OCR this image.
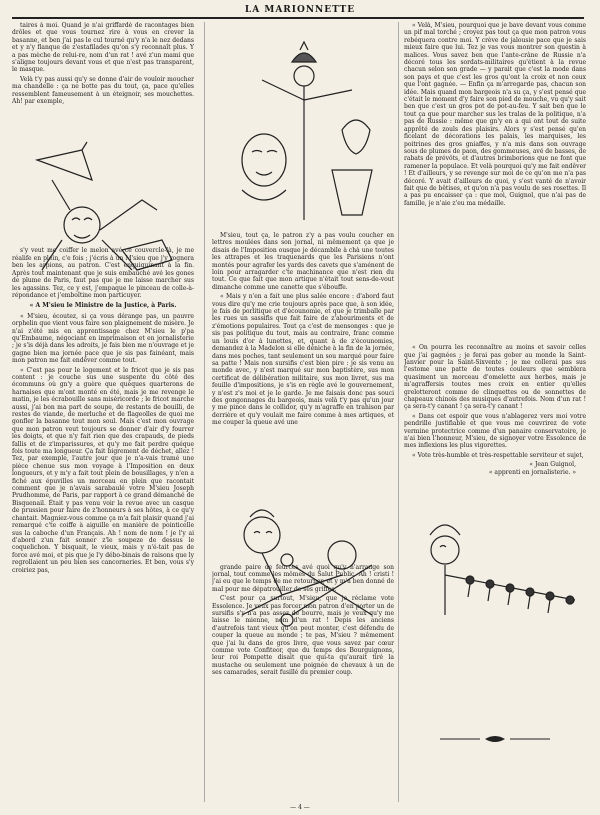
LA MARIONNETTE

taires à moi. Quand je n'ai griffardé de racontages bien drôles et que vous tournez rire à vous en crever la basanne, et ben j'ai pas le cul tourné qu'y n'a le nez dedans et y n'y flanque de z'estafilades qu'on s'y reconnaît plus. Y a pas mèche de relui-re, nom d'un rat ! avé z'un mami que s'aligne toujours devant vous et que n'est pas transparent, le masque.

Velà t'y pas aussi qu'y se donne d'air de vouloir moucher ma chandelle : ça ne botte pas du tout, ça, pace qu'elles ressemblent fameusement à un éteignoir, ses mouchettes. Ah! par exemple,

s'y veut me coiffer le melon avé ce couvercle-là, je me réalife en plein, c'e fois ; j'écris à un M'sieu que j'y rognera ben les arpions, au patron. C'est enquiquinant à la fin. Après tout maintenant que je suis embauché avé les gones de plume de Paris, faut pas que je me laisse marcher sus les agassins. Tez, ce y est, j'empaque le pinceau de colle-à-répondance et j'emboîtine mon particuyer.

« A M'sieu le Ministre de la Justice, à Paris.

« M'sieu, écoutez, si ça vous dérange pas, un pauvre orphelin que vient vous faire son plaignement de misère. Je n'ai z'été mis en apprentissage chez M'sieu le p'pa qu'Embaume, négociant en imprimaison et en jornalisterie ; je s'is déjà dans les adroits, je fais bien me n'ouvrage et je gagne bien ma jornée pace que je sis pas fainéant, mais mon patron me fait endêver comme tout.

« C'est pas pour le logement et le fricot que je sis pas content : je couche sus une suspente du côté des écommuns où gn'y a guère que quèques quarterons de harnaises que m'ont monté en été, mais je me revenge le matin, je les écrabouille sans miséricorde ; le fricot marche aussi, j'ai bon ma part de soupe, de restants de bouilli, de restes de viande, de merluche et de flageolles de quoi me gonfler la basanne tout mon soul. Mais c'est mon ouvrage que mon patron veut toujours se donner d'air d'y fourrer les doigts, et que n'y fait rien que des crapauds, de pieds fallis et de z'imparissures, et qu'y me fait perdre quéque fois toute ma longueur. Ça fait bigrement de déchet, allez ! Tez, par exemple, l'autre jour que je n'a-vais tramé une pièce chenue sus mon voyage à l'Imposition en deux longueurs, et y m'y a fait tout plein de bousillages, y n'en a fiché aux épuvilles un morceau en plein que racontait comment que je n'avais sarabaulé votre M'sieu Joseph Prudhomme, de Paris, par rapport à ce grand démanché de Bisquenail. Était y pas venu voir la revue avec un casque de prussien pour faire de z'honneurs à ses hôtes, à ce qu'y chantait. Magniez-vous comme ça m'a fait plaisir quand j'ai remarqué c'te coiffe à aiguille en manière de pointicelle sus la caboche d'un Français. Ah ! nom de nom ! je l'y ai d'abord z'un fait sonner z'le soupeze de dessus le coquelichon. Y bisquait, le vieux, mais y n'é-tait pas de force avé moi, et pis que je l'y débo-binais de raisons que ly regrollaient un peu bien ses cancorneries. Et ben, vous s'y croiriez pas,

M'sieu, tout ça, le patron z'y a pas voulu coucher en lettres moulées dans son jornal, ni mêmement ça que je disais de l'Imposition ousque je décambile à chà une toutes les attrapes et les traquenards que les Parisiens n'ont montés pour agrafer les yards des cavets que s'aménent de loin pour arragarder c'te machinance que n'est rien du tout. Ce que fait que mon artique n'était tout sens-de-vout dimanche comme une canette que s'ébouffe.

« Mais y n'en a fait une plus salée encore : d'abord faut vous dire qu'y me crie toujours après pace que, à son idée, je fais de porlitique et d'écounomie, et que je trimballe par les rues un sassifis que fait faire de z'abouriments et de z'émotions populaires. Tout ça c'est de mensonges : que je sis pas politique du tout, mais au contraire, franc comme un louis d'or à lunettes, et, quant à de z'écounomies, demandez à la Madelon si elle déniche à la fin de la jornée, dans mes poches, tant seulement un sou marqué pour faire sa patte ! Mais non sursifis c'est bien pire : je sis venu au monde avec, y n'est marqué sur mon baptistère, sus mon certificat de délibération militaire, sus mon livret, sus ma feuille d'impositions, je s'is en règle avé le gouvernement, y n'est z's moi et je le garde. Je me faisais donc pas souci des gongonnages du bargeois, mais velà t'y pas qu'un jour y me pince dans le collidor, qu'y m'agraffe en trahison par derrière et qu'y voulait me faire comme à mes artiques, et me couper la queue avé une

grande paire de feurces avé quoi qu'y n'arrange son jornal, tout comme les mômes du Salut Public. Ah ! cristi ! j'ai eu que le temps de me retourner, et y m'a ben donné de mal pour me dépatrouiller de ses griffes.

C'est pour ça surtout, M'sieu, que je réclame vote Essolence. Je veux pas forcer mon patron d'en porter un de sursifis s'y n'a pas assez de bourre, mais je veux qu'y me laisse le mienne, nom d'un rat ! Depis les anciens d'autrefois tant vieux qu'on peut monter, c'est défendu de couper la queue au monde ; te pas, M'sieu ? mêmement que j'ai lu dans de gros livre, que vous savez par cœur comme vote Confiteor, que du temps des Bourguignons, leur roi Pompette disait que qui-ta qu'aurait tiré la mustache ou seulement une poignée de chevaux à un de ses camarades, serait fusillé du premier coup.

« Velà, M'sieu, pourquoi que je bave devant vous comme un pif mal torché ; croyez pas tout ça que mon patron vous rebéquera contre moi. Y crève de jalousie pace que je sais mieux faire que lui. Tez je vas vous montrer son questin à malices. Vous savez ben que l'ante-crâne de Russie n'a décoré tous les sordats-militaires qu'étient à la revue chacun selon son grade — y parait que c'est la mode dans son pays et que c'est les gros qu'ont la croix et non ceux que l'ont gagnée. — Enfin ça m'arregarde pas, chacun son idée. Mais quand mon bargeois n'a su ça, y s'est pensé que c'était le moment d'y faire son pied de mouche, vu qu'y sait ben que c'est un gros pot de pot-au-feu. Y sait ben que le tout ça que pour marcher sus les tralas de la politique, n'a pas de Russie : même que gn'y en a qui ont tout de suite apprêté de zouls des plaisirs. Alors y s'est pensé qu'en ficelant de décorations les palais, les marquises, les poitrines des gros gniaffes, y n'a mis dans son ouvrage sous de plumes de paon, des gommeuses, avé de basses, de rabats de prévôts, et d'autres brimborions que ne font que ramener la populace. Et velà pourquoi qu'y me fait endêver ! Et d'ailleurs, y se revenge sur moi de ce qu'on me n'a pas décoré. Y avait d'ailleurs de quoi, y s'est vanté de n'avoir fait que de bêtises, et qu'on n'a pas voulu de ses rosettes. Il a pas pu encaisser ça : que moi, Guignol, que n'ai pas de famille, je n'aie z'eu ma médaille.

« On pourra les reconnaître au moins et savoir celles que j'ai gagnées ; je ferai pas gober au monde la Saint-Janvier pour la Saint-Sixvente ; je me collerai pas sus l'estome une patte de toutes couleurs que semblera quasiment un morceau d'omelette aux herbes, mais je m'agraffersis toutes mes croix en entier qu'elles grelotteront comme de clinquettes ou de sonnettes de chapeaux chinois des musiques d'autrefois. Nom d'un rat ! ça sera-t'y canant ! ça sera-t'y canant !

« Dans cet espoir que vous n'ablagerez vers moi votre pendrille justifiable et que vous me couvrirez de vote vermine protectrice comme d'un panaire conservatoire, je n'ai bien l'honneur, M'sieu, de signoyer votre Essolence de mes inflexions les plus vigorettes.

« Vote très-humble et très-respettable serviteur et sujet,

« Jean Guignol,
« apprenti en jornalisterie. »
— 4 —
